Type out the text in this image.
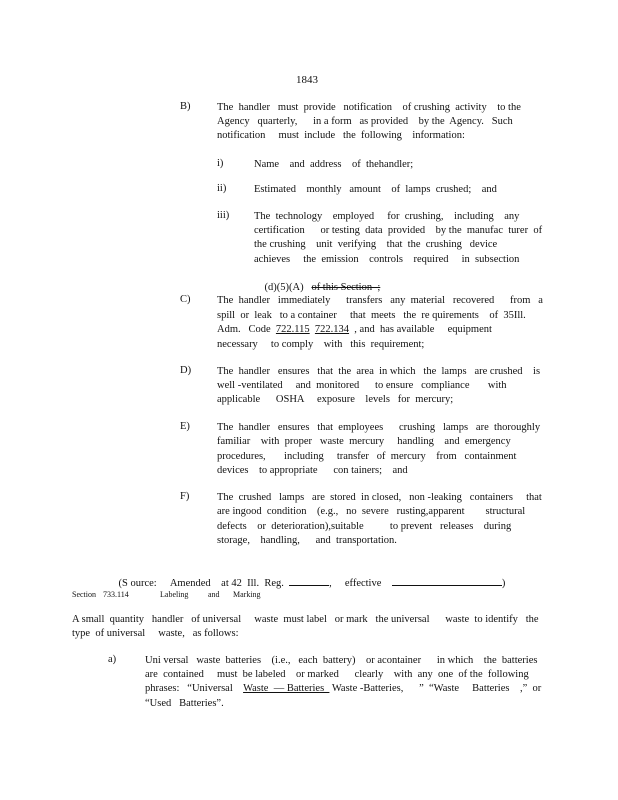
1843
B)	The  handler   must  provide   notification    of crushing  activity    to the
Agency   quarterly,      in a form   as provided    by the  Agency.   Such
notification     must  include   the  following    information:
i)	Name    and  address    of  thehandler;
ii)	Estimated    monthly   amount    of  lamps  crushed;    and
iii) The  technology    employed     for  crushing,    including    any
certification      or testing  data  provided    by the  manufac  turer  of
the crushing    unit  verifying    that  the  crushing   device
achieves     the  emission    controls    required     in  subsection

(d)(5)(A) of this Section  ;

C)	The  handler   immediately      transfers   any  material   recovered      from   a
spill  or  leak   to a container     that  meets   the  re quirements    of  35Ill.
Adm.   Code  722.115 722.134  , and  has available     equipment
necessary     to comply    with   this  requirement;
D) The  handler   ensures   that  the  area  in which   the  lamps   are crushed    is
well -ventilated     and  monitored      to ensure   compliance       with
applicable      OSHA     exposure    levels   for  mercury;
E)	The  handler   ensures   that  employees      crushing   lamps   are  thoroughly
familiar    with  proper   waste  mercury     handling    and  emergency
procedures,       including     transfer   of  mercury    from   containment
devices    to appropriate      con tainers;    and
F)	The  crushed   lamps   are  stored  in closed,   non -leaking   containers     that
are ingood  condition    (e.g.,   no  severe   rusting,apparent        structural
defects    or  deterioration),suitable          to prevent   releases    during
storage,    handling,      and  transportation.

(S ource: Amended at 42  Ill.  Reg.	, effective	)

Section 733.114	Labeling and Marking
A small  quantity   handler   of universal     waste  must label   or mark   the universal      waste  to identify   the
type  of universal     waste,   as follows:
a)	Uni versal   waste  batteries    (i.e.,   each  battery)    or acontainer      in which    the  batteries
are  contained     must  be labeled    or marked      clearly    with  any  one  of the  following
phrases:   “Universal    Waste  — Batteries   Waste -Batteries,      ”  “Waste     Batteries    ,”  or
“Used   Batteries”.
